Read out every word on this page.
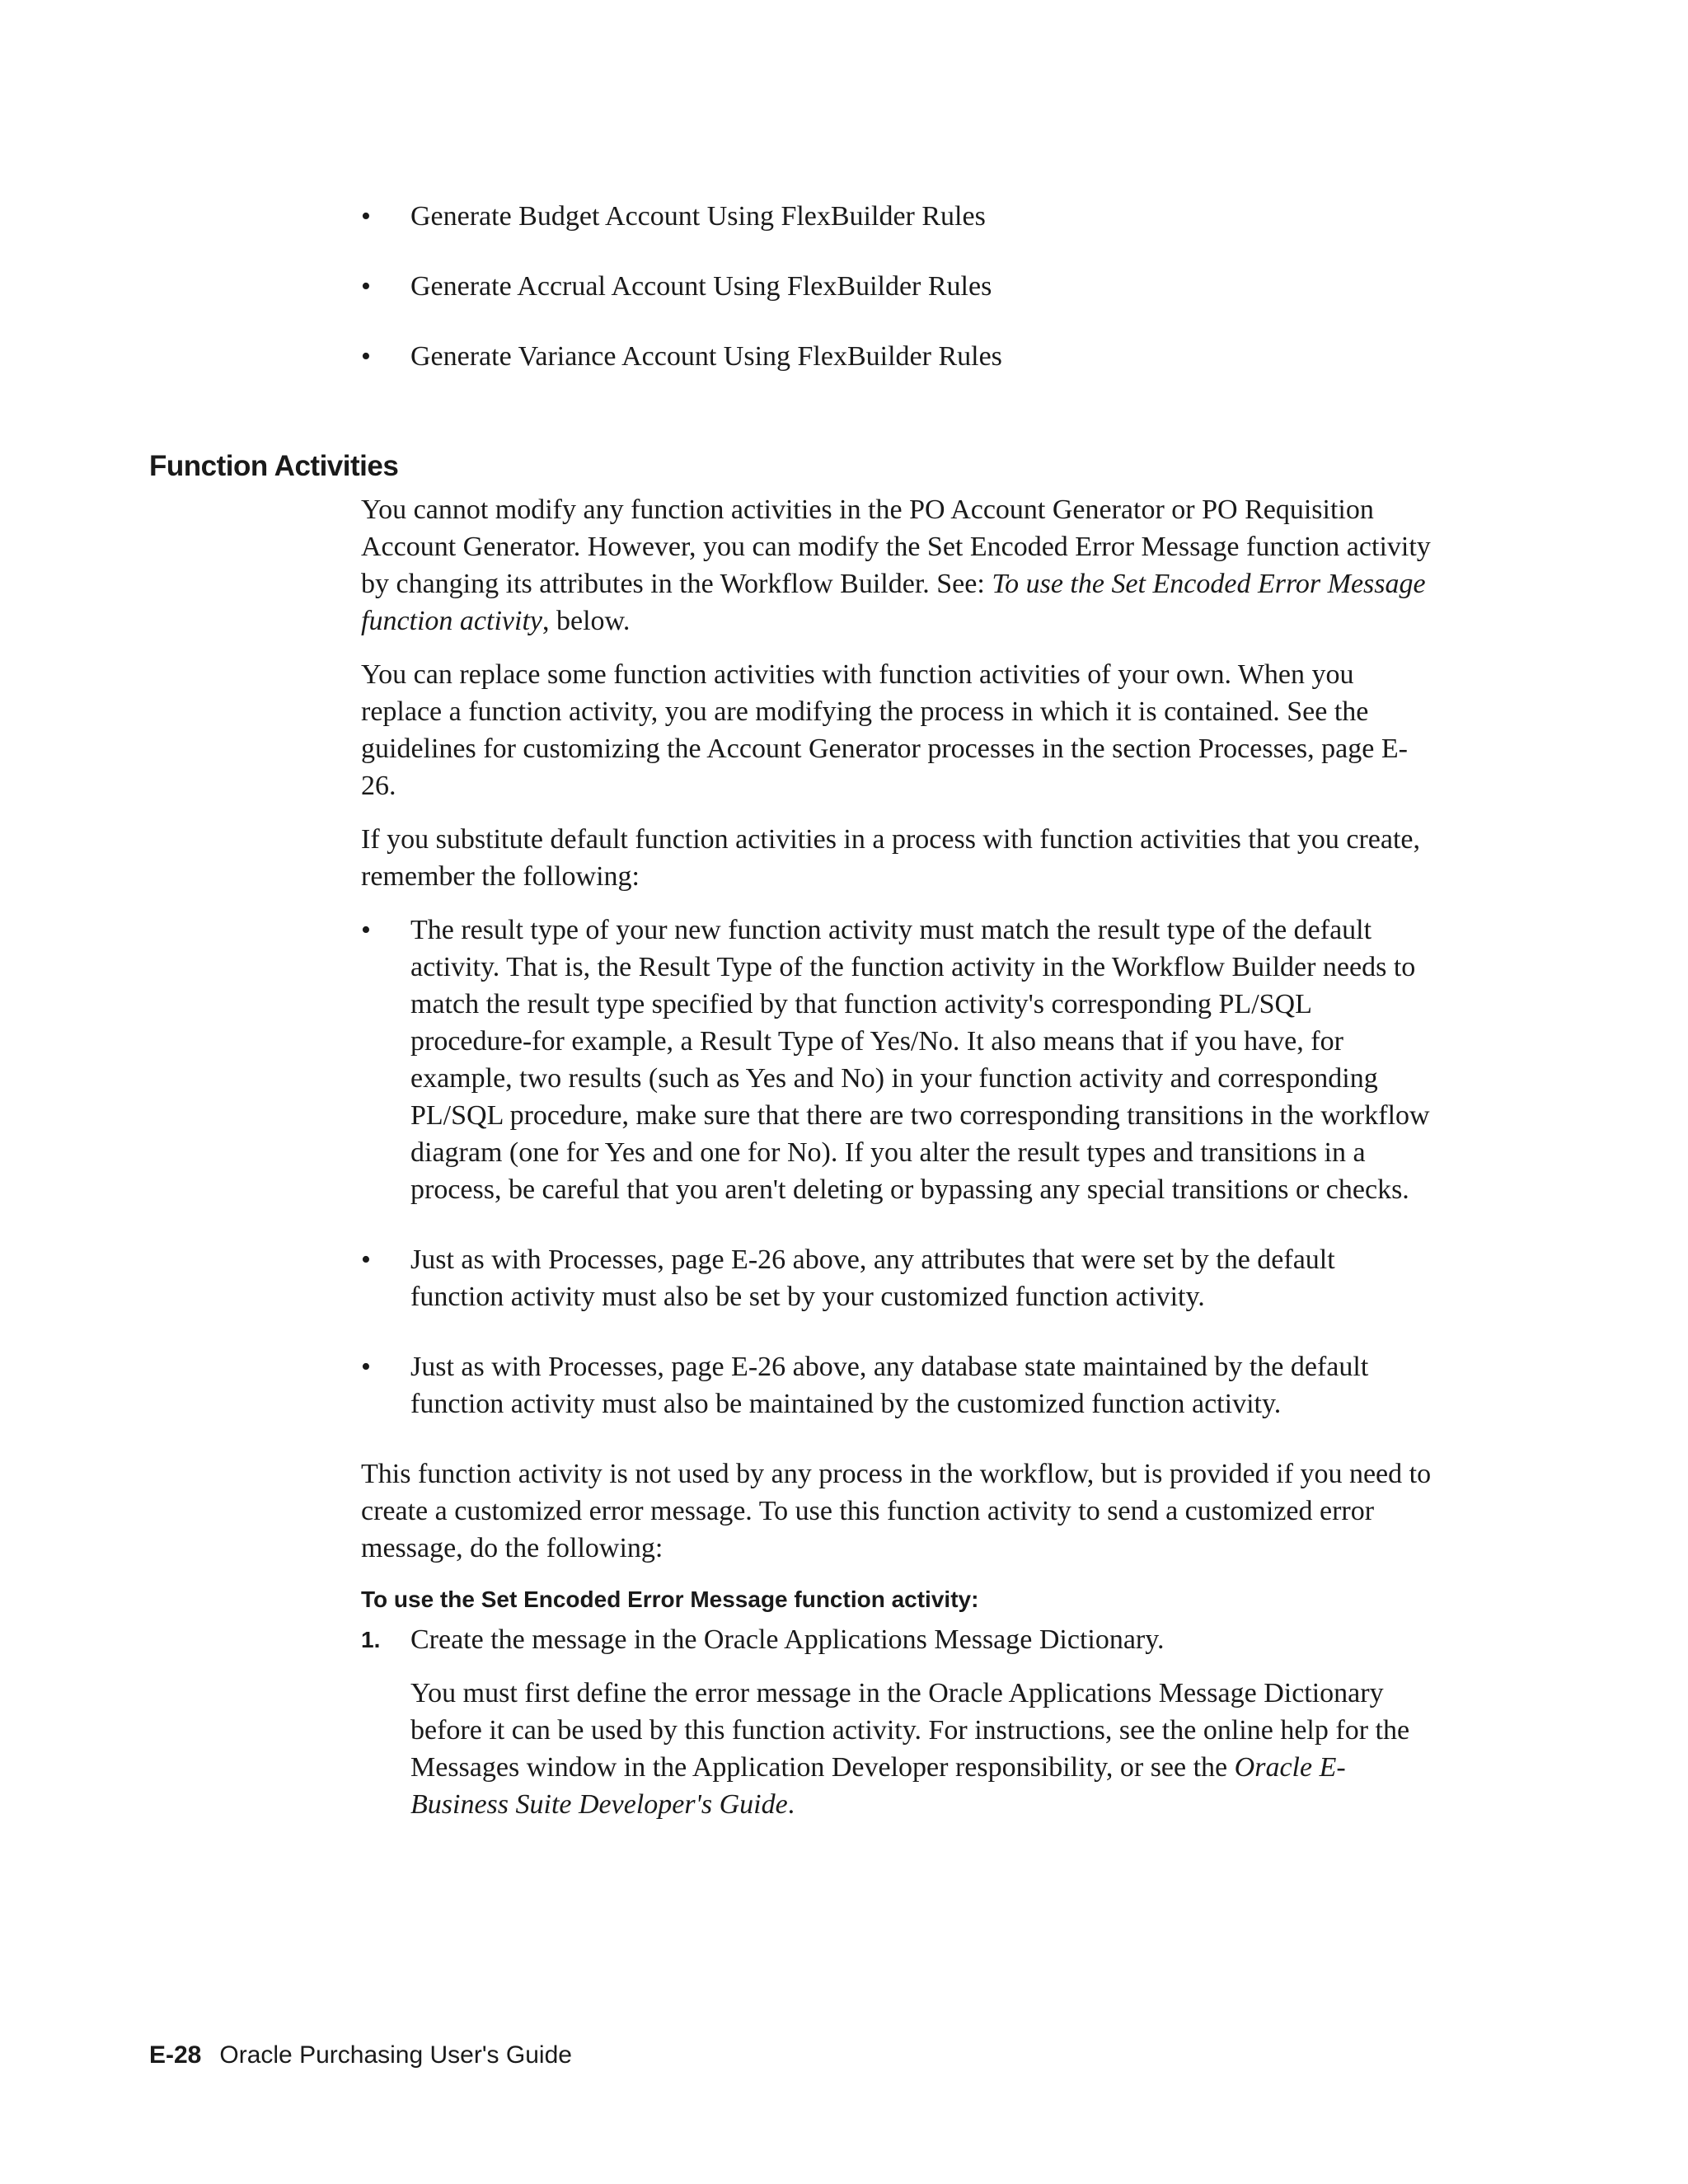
•	Generate Budget Account Using FlexBuilder Rules
•	Generate Accrual Account Using FlexBuilder Rules
•	Generate Variance Account Using FlexBuilder Rules
Function Activities

You cannot modify any function activities in the PO Account Generator or PO Requisition Account Generator. However, you can modify the Set Encoded Error Message function activity by changing its attributes in the Workflow Builder. See: To use the Set Encoded Error Message function activity, below.

You can replace some function activities with function activities of your own. When you replace a function activity, you are modifying the process in which it is contained. See the guidelines for customizing the Account Generator processes in the section Processes, page E-26.

If you substitute default function activities in a process with function activities that you create, remember the following:

•	The result type of your new function activity must match the result type of the default activity. That is, the Result Type of the function activity in the Workflow Builder needs to match the result type specified by that function activity's corresponding PL/SQL procedure-for example, a Result Type of Yes/No. It also means that if you have, for example, two results (such as Yes and No) in your function activity and corresponding PL/SQL procedure, make sure that there are two corresponding transitions in the workflow diagram (one for Yes and one for No). If you alter the result types and transitions in a process, be careful that you aren't deleting or bypassing any special transitions or checks.
•	Just as with Processes, page E-26 above, any attributes that were set by the default function activity must also be set by your customized function activity.
•	Just as with Processes, page E-26 above, any database state maintained by the default function activity must also be maintained by the customized function activity.

This function activity is not used by any process in the workflow, but is provided if you need to create a customized error message. To use this function activity to send a customized error message, do the following:

To use the Set Encoded Error Message function activity:
1. Create the message in the Oracle Applications Message Dictionary.
You must first define the error message in the Oracle Applications Message Dictionary before it can be used by this function activity. For instructions, see the online help for the Messages window in the Application Developer responsibility, or see the Oracle E-Business Suite Developer's Guide.
E-28 Oracle Purchasing User's Guide
